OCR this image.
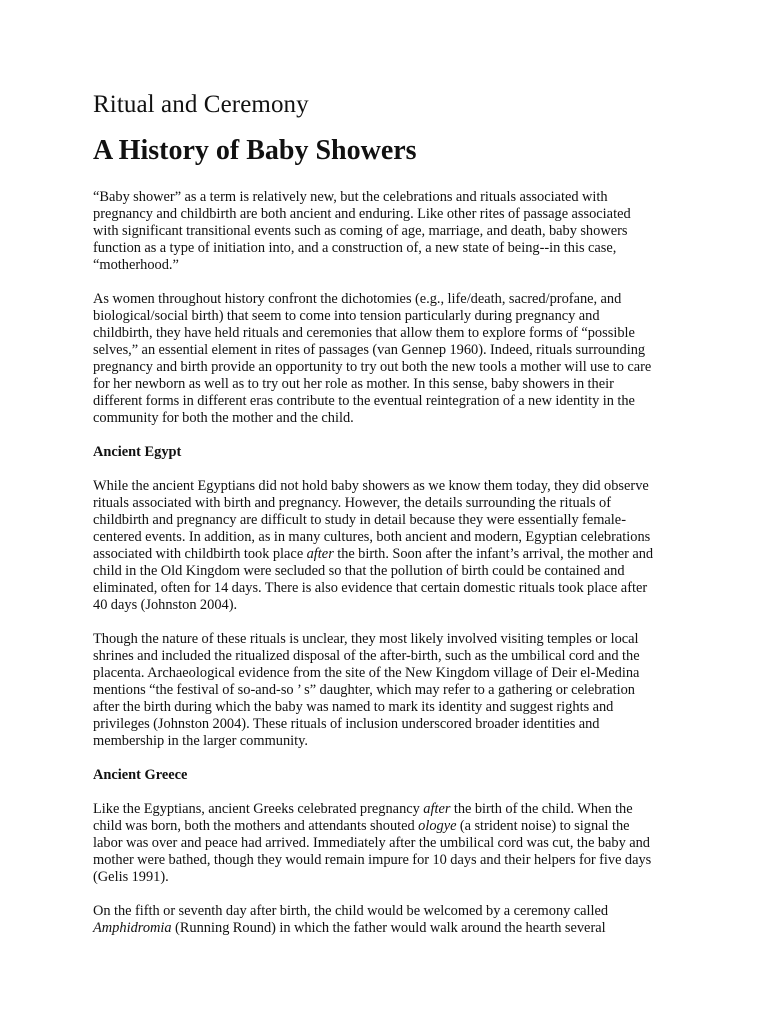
Ritual and Ceremony
A History of Baby Showers

“Baby shower” as a term is relatively new, but the celebrations and rituals associated with pregnancy and childbirth are both ancient and enduring. Like other rites of passage associated with significant transitional events such as coming of age, marriage, and death, baby showers function as a type of initiation into, and a construction of, a new state of being--in this case, “motherhood.”

As women throughout history confront the dichotomies (e.g., life/death, sacred/profane, and biological/social birth) that seem to come into tension particularly during pregnancy and childbirth, they have held rituals and ceremonies that allow them to explore forms of “possible selves,” an essential element in rites of passages (van Gennep 1960). Indeed, rituals surrounding pregnancy and birth provide an opportunity to try out both the new tools a mother will use to care for her newborn as well as to try out her role as mother. In this sense, baby showers in their different forms in different eras contribute to the eventual reintegration of a new identity in the community for both the mother and the child.

Ancient Egypt

While the ancient Egyptians did not hold baby showers as we know them today, they did observe rituals associated with birth and pregnancy. However, the details surrounding the rituals of childbirth and pregnancy are difficult to study in detail because they were essentially female-centered events. In addition, as in many cultures, both ancient and modern, Egyptian celebrations associated with childbirth took place after the birth. Soon after the infant’s arrival, the mother and child in the Old Kingdom were secluded so that the pollution of birth could be contained and eliminated, often for 14 days. There is also evidence that certain domestic rituals took place after 40 days (Johnston 2004).

Though the nature of these rituals is unclear, they most likely involved visiting temples or local shrines and included the ritualized disposal of the after-birth, such as the umbilical cord and the placenta. Archaeological evidence from the site of the New Kingdom village of Deir el-Medina mentions “the festival of so-and-so ’ s” daughter, which may refer to a gathering or celebration after the birth during which the baby was named to mark its identity and suggest rights and privileges (Johnston 2004). These rituals of inclusion underscored broader identities and membership in the larger community.

Ancient Greece

Like the Egyptians, ancient Greeks celebrated pregnancy after the birth of the child. When the child was born, both the mothers and attendants shouted ologye (a strident noise) to signal the labor was over and peace had arrived. Immediately after the umbilical cord was cut, the baby and mother were bathed, though they would remain impure for 10 days and their helpers for five days (Gelis 1991).

On the fifth or seventh day after birth, the child would be welcomed by a ceremony called Amphidromia (Running Round) in which the father would walk around the hearth several
